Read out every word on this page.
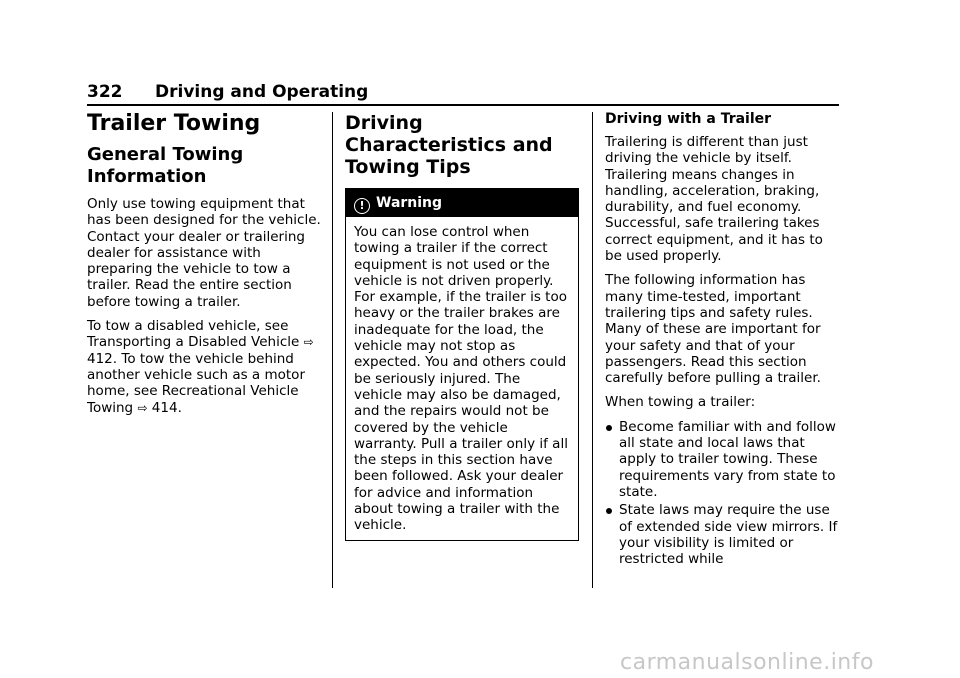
322 Driving and Operating
Trailer Towing
General Towing Information

Only use towing equipment that has been designed for the vehicle. Contact your dealer or trailering dealer for assistance with preparing the vehicle to tow a trailer. Read the entire section before towing a trailer.

To tow a disabled vehicle, see Transporting a Disabled Vehicle ⇨ 412. To tow the vehicle behind another vehicle such as a motor home, see Recreational Vehicle Towing ⇨ 414.

Driving Characteristics and Towing Tips
! Warning

You can lose control when towing a trailer if the correct equipment is not used or the vehicle is not driven properly. For example, if the trailer is too heavy or the trailer brakes are inadequate for the load, the vehicle may not stop as expected. You and others could be seriously injured. The vehicle may also be damaged, and the repairs would not be covered by the vehicle warranty. Pull a trailer only if all the steps in this section have been followed. Ask your dealer for advice and information about towing a trailer with the vehicle.

Driving with a Trailer

Trailering is different than just driving the vehicle by itself. Trailering means changes in handling, acceleration, braking, durability, and fuel economy. Successful, safe trailering takes correct equipment, and it has to be used properly.

The following information has many time-tested, important trailering tips and safety rules. Many of these are important for your safety and that of your passengers. Read this section carefully before pulling a trailer.

When towing a trailer:

Become familiar with and follow all state and local laws that apply to trailer towing. These requirements vary from state to state.
State laws may require the use of extended side view mirrors. If your visibility is limited or restricted while
carmanualsonline.info
